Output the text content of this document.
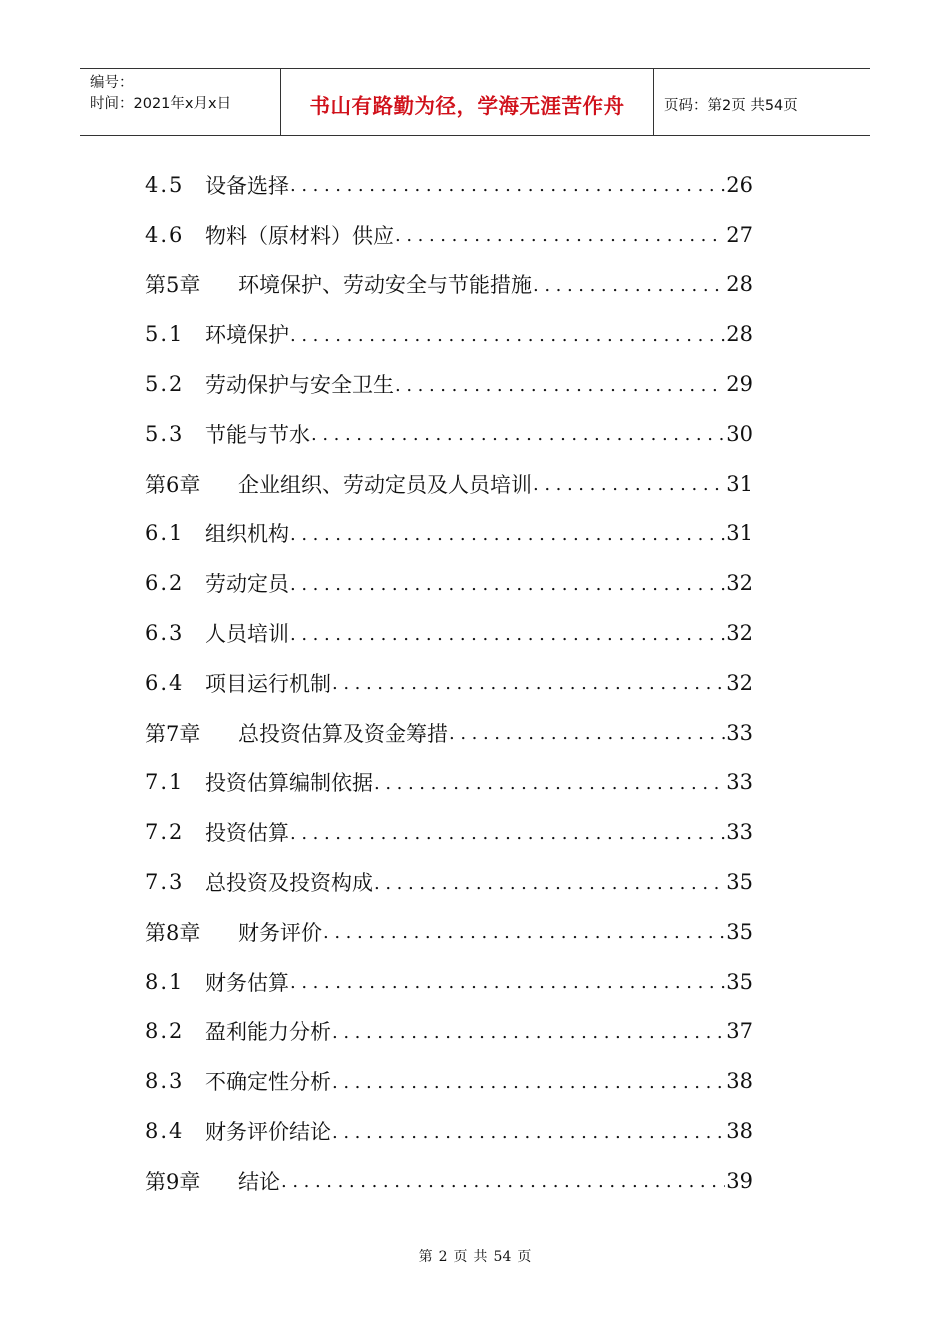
编号：
时间：2021年x月x日	书山有路勤为径，学海无涯苦作舟	页码：第2页 共54页
4.5 设备选择 .....	26
4.6 物料（原材料）供应 .....	27
第5章	环境保护、劳动安全与节能措施 .....	28
5.1 环境保护 .....	28
5.2 劳动保护与安全卫生 .....	29
5.3 节能与节水 .....	30
第6章	企业组织、劳动定员及人员培训 .....	31
6.1 组织机构 .....	31
6.2 劳动定员 .....	32
6.3 人员培训 .....	32
6.4 项目运行机制 .....	32
第7章	总投资估算及资金筹措 .....	33
7.1 投资估算编制依据 .....	33
7.2 投资估算 .....	33
7.3 总投资及投资构成 .....	35
第8章	财务评价 .....	35
8.1 财务估算 .....	35
8.2 盈利能力分析 .....	37
8.3 不确定性分析 .....	38
8.4 财务评价结论 .....	38
第9章	结论 .....	39
第 2 页 共 54 页
